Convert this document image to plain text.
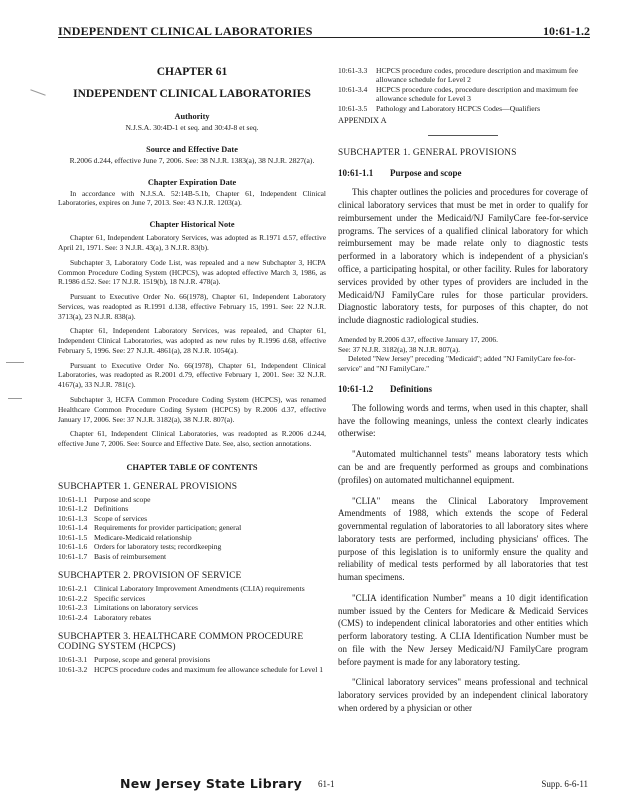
INDEPENDENT CLINICAL LABORATORIES	10:61-1.2
CHAPTER 61
INDEPENDENT CLINICAL LABORATORIES
Authority
N.J.S.A. 30:4D-1 et seq. and 30:4J-8 et seq.
Source and Effective Date
R.2006 d.244, effective June 7, 2006. See: 38 N.J.R. 1383(a), 38 N.J.R. 2827(a).
Chapter Expiration Date

In accordance with N.J.S.A. 52:14B-5.1b, Chapter 61, Independent Clinical Laboratories, expires on June 7, 2013. See: 43 N.J.R. 1203(a).

Chapter Historical Note

Chapter 61, Independent Laboratory Services, was adopted as R.1971 d.57, effective April 21, 1971. See: 3 N.J.R. 43(a), 3 N.J.R. 83(b).

Subchapter 3, Laboratory Code List, was repealed and a new Subchapter 3, HCPA Common Procedure Coding System (HCPCS), was adopted effective March 3, 1986, as R.1986 d.52. See: 17 N.J.R. 1519(b), 18 N.J.R. 478(a).

Pursuant to Executive Order No. 66(1978), Chapter 61, Independent Laboratory Services, was readopted as R.1991 d.138, effective February 15, 1991. See: 22 N.J.R. 3713(a), 23 N.J.R. 838(a).

Chapter 61, Independent Laboratory Services, was repealed, and Chapter 61, Independent Clinical Laboratories, was adopted as new rules by R.1996 d.68, effective February 5, 1996. See: 27 N.J.R. 4861(a), 28 N.J.R. 1054(a).

Pursuant to Executive Order No. 66(1978), Chapter 61, Independent Clinical Laboratories, was readopted as R.2001 d.79, effective February 1, 2001. See: 32 N.J.R. 4167(a), 33 N.J.R. 781(c).

Subchapter 3, HCFA Common Procedure Coding System (HCPCS), was renamed Healthcare Common Procedure Coding System (HCPCS) by R.2006 d.37, effective January 17, 2006. See: 37 N.J.R. 3182(a), 38 N.J.R. 807(a).

Chapter 61, Independent Clinical Laboratories, was readopted as R.2006 d.244, effective June 7, 2006. See: Source and Effective Date. See, also, section annotations.

CHAPTER TABLE OF CONTENTS
SUBCHAPTER 1. GENERAL PROVISIONS
10:61-1.1 Purpose and scope
10:61-1.2 Definitions
10:61-1.3 Scope of services
10:61-1.4 Requirements for provider participation; general
10:61-1.5 Medicare-Medicaid relationship
10:61-1.6 Orders for laboratory tests; recordkeeping
10:61-1.7 Basis of reimbursement
SUBCHAPTER 2. PROVISION OF SERVICE
10:61-2.1 Clinical Laboratory Improvement Amendments (CLIA) requirements
10:61-2.2 Specific services
10:61-2.3 Limitations on laboratory services
10:61-2.4 Laboratory rebates
SUBCHAPTER 3. HEALTHCARE COMMON PROCEDURE CODING SYSTEM (HCPCS)
10:61-3.1 Purpose, scope and general provisions
10:61-3.2 HCPCS procedure codes and maximum fee allowance schedule for Level 1
10:61-3.3	HCPCS procedure codes, procedure description and maximum fee allowance schedule for Level 2
10:61-3.4	HCPCS procedure codes, procedure description and maximum fee allowance schedule for Level 3
10:61-3.5	Pathology and Laboratory HCPCS Codes—Qualifiers
APPENDIX A
SUBCHAPTER 1. GENERAL PROVISIONS
10:61-1.1 Purpose and scope

This chapter outlines the policies and procedures for coverage of clinical laboratory services that must be met in order to qualify for reimbursement under the Medicaid/NJ FamilyCare fee-for-service programs. The services of a qualified clinical laboratory for which reimbursement may be made relate only to diagnostic tests performed in a laboratory which is independent of a physician's office, a participating hospital, or other facility. Rules for laboratory services provided by other types of providers are included in the Medicaid/NJ FamilyCare rules for those particular providers. Diagnostic laboratory tests, for purposes of this chapter, do not include diagnostic radiological studies.

Amended by R.2006 d.37, effective January 17, 2006.

See: 37 N.J.R. 3182(a), 38 N.J.R. 807(a).

Deleted "New Jersey" preceding "Medicaid"; added "NJ FamilyCare fee-for-service" and "NJ FamilyCare."

10:61-1.2 Definitions

The following words and terms, when used in this chapter, shall have the following meanings, unless the context clearly indicates otherwise:

"Automated multichannel tests" means laboratory tests which can be and are frequently performed as groups and combinations (profiles) on automated multichannel equipment.

"CLIA" means the Clinical Laboratory Improvement Amendments of 1988, which extends the scope of Federal governmental regulation of laboratories to all laboratory sites where laboratory tests are performed, including physicians' offices. The purpose of this legislation is to uniformly ensure the quality and reliability of medical tests performed by all laboratories that test human specimens.

"CLIA identification Number" means a 10 digit identification number issued by the Centers for Medicare & Medicaid Services (CMS) to independent clinical laboratories and other entities which perform laboratory testing. A CLIA Identification Number must be on file with the New Jersey Medicaid/NJ FamilyCare program before payment is made for any laboratory testing.

"Clinical laboratory services" means professional and technical laboratory services provided by an independent clinical laboratory when ordered by a physician or other

New Jersey State Library 61-1	Supp. 6-6-11
